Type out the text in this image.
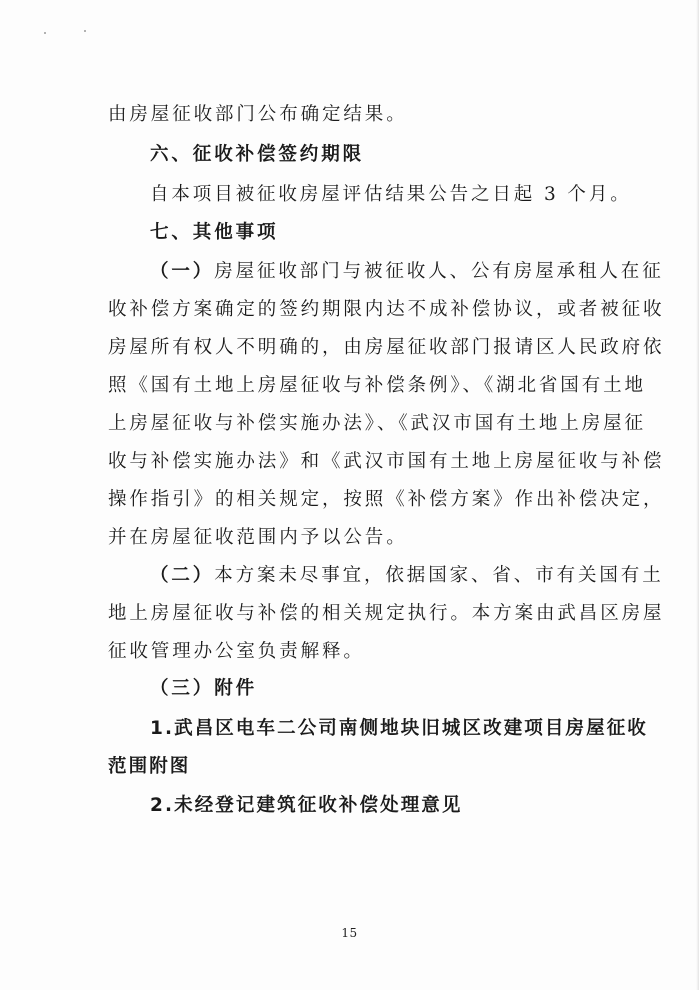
由房屋征收部门公布确定结果。
六、征收补偿签约期限
自本项目被征收房屋评估结果公告之日起 3 个月。
七、其他事项
（一）房屋征收部门与被征收人、公有房屋承租人在征
收补偿方案确定的签约期限内达不成补偿协议，或者被征收
房屋所有权人不明确的，由房屋征收部门报请区人民政府依
照《国有土地上房屋征收与补偿条例》、《湖北省国有土地
上房屋征收与补偿实施办法》、《武汉市国有土地上房屋征
收与补偿实施办法》和《武汉市国有土地上房屋征收与补偿
操作指引》的相关规定，按照《补偿方案》作出补偿决定，
并在房屋征收范围内予以公告。
（二）本方案未尽事宜，依据国家、省、市有关国有土
地上房屋征收与补偿的相关规定执行。本方案由武昌区房屋
征收管理办公室负责解释。
（三）附件
1.武昌区电车二公司南侧地块旧城区改建项目房屋征收
范围附图
2.未经登记建筑征收补偿处理意见
15
